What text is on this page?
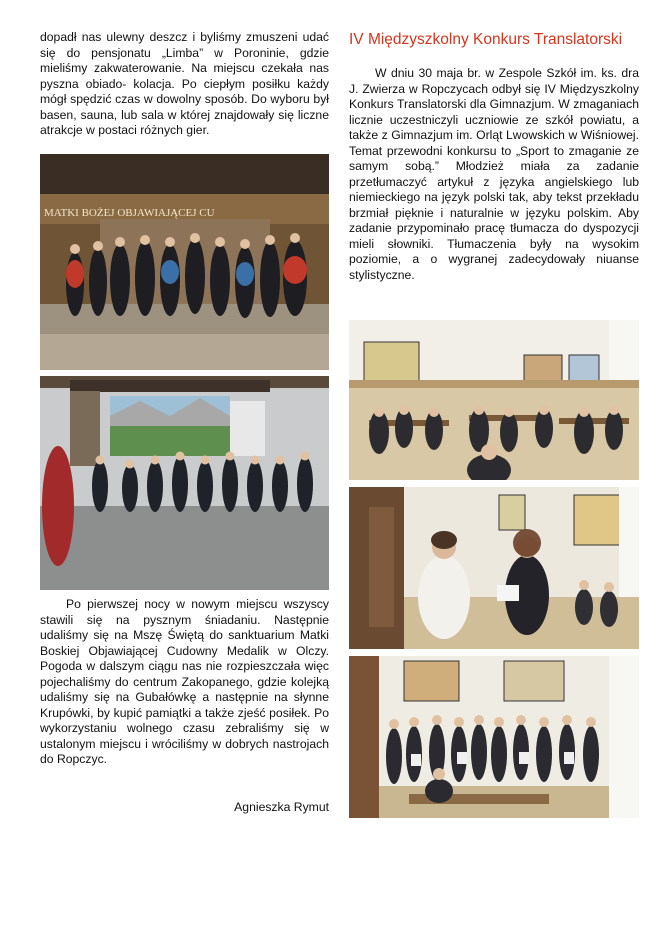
dopadł nas ulewny deszcz i byliśmy zmuszeni udać się do pensjonatu „Limba” w Poroninie, gdzie mieliśmy zakwaterowanie. Na miejscu czekała nas pyszna obiado- kolacja. Po ciepłym posiłku każdy mógł spędzić czas w dowolny sposób. Do wyboru był basen, sauna, lub sala w której znajdowały się liczne atrakcje w postaci różnych gier.

MATKI BOŻEJ OBJAWIAJĄCEJ CU

Po pierwszej nocy w nowym miejscu wszyscy stawili się na pysznym śniadaniu. Następnie udaliśmy się na Mszę Świętą do sanktuarium Matki Boskiej Objawiającej Cudowny Medalik w Olczy. Pogoda w dalszym ciągu nas nie rozpieszczała więc pojechaliśmy do centrum Zakopanego, gdzie kolejką udaliśmy się na Gubałówkę a następnie na słynne Krupówki, by kupić pamiątki a także zjeść posiłek. Po wykorzystaniu wolnego czasu zebraliśmy się w ustalonym miejscu i wróciliśmy w dobrych nastrojach do Ropczyc.

Agnieszka Rymut
IV Międzyszkolny Konkurs Translatorski

W dniu 30 maja br. w Zespole Szkół im. ks. dra J. Zwierza w Ropczycach odbył się IV Międzyszkolny Konkurs Translatorski dla Gimnazjum. W zmaganiach licznie uczestniczyli uczniowie ze szkół powiatu, a także z Gimnazjum im. Orląt Lwowskich w Wiśniowej. Temat przewodni konkursu to „Sport to zmaganie ze samym sobą.” Młodzież miała za zadanie przetłumaczyć artykuł z języka angielskiego lub niemieckiego na język polski tak, aby tekst przekładu brzmiał pięknie i naturalnie w języku polskim. Aby zadanie przypominało pracę tłumacza do dyspozycji mieli słowniki. Tłumaczenia były na wysokim poziomie, a o wygranej zadecydowały niuanse stylistyczne.
